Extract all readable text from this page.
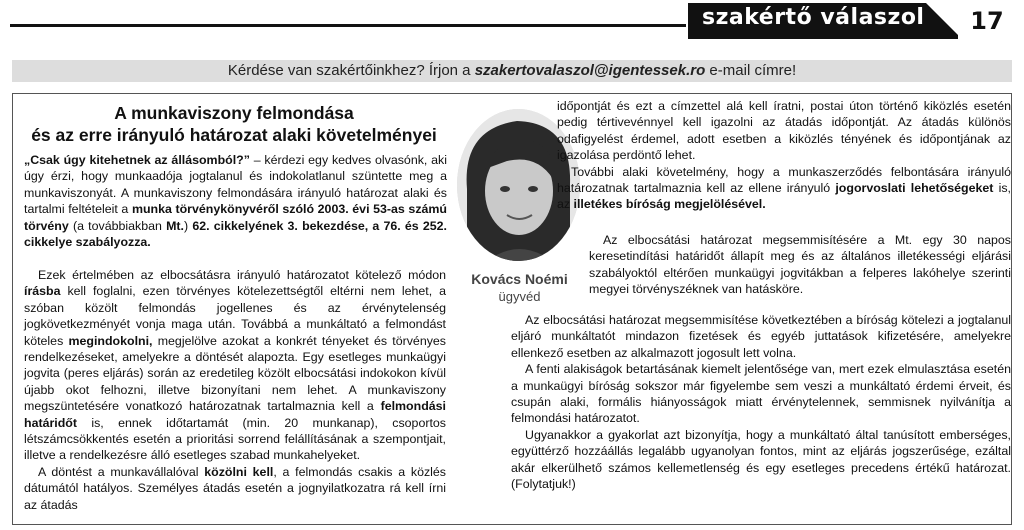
szakértő válaszol	17
Kérdése van szakértőinkhez? Írjon a szakertovalaszol@igentessek.ro e-mail címre!
A munkaviszony felmondása
és az erre irányuló határozat alaki követelményei
Kovács Noémi
ügyvéd

„Csak úgy kitehetnek az állásomból?” – kérdezi egy kedves olvasónk, aki úgy érzi, hogy munkaadója jogtalanul és indokolatlanul szüntette meg a munkaviszonyát. A munkaviszony felmondására irányuló határozat alaki és tartalmi feltételeit a munka törvénykönyvéről szóló 2003. évi 53-as számú törvény (a továbbiakban Mt.) 62. cikkelyének 3. bekezdése, a 76. és 252. cikkelye szabályozza.

Ezek értelmében az elbocsátásra irányuló határozatot kötelező módon írásba kell foglalni, ezen törvényes kötelezettségtől eltérni nem lehet, a szóban közölt felmondás jogellenes és az érvénytelenség jogkövetkezményét vonja maga után. Továbbá a munkáltató a felmondást köteles megindokolni, megjelölve azokat a konkrét tényeket és törvényes rendelkezéseket, amelyekre a döntését alapozta. Egy esetleges munkaügyi jogvita (peres eljárás) során az eredetileg közölt elbocsátási indokokon kívül újabb okot felhozni, illetve bizonyítani nem lehet. A munkaviszony megszüntetésére vonatkozó határozatnak tartalmaznia kell a felmondási határidőt is, ennek időtartamát (min. 20 munkanap), csoportos létszámcsökkentés esetén a prioritási sorrend felállításának a szempontjait, illetve a rendelkezésre álló esetleges szabad munkahelyeket.

A döntést a munkavállalóval közölni kell, a felmondás csakis a közlés dátumától hatályos. Személyes átadás esetén a jognyilatkozatra rá kell írni az átadás

időpontját és ezt a címzettel alá kell íratni, postai úton történő kiközlés esetén pedig tértivevénnyel kell igazolni az átadás időpontját. Az átadás különös odafigyelést érdemel, adott esetben a kiközlés tényének és időpontjának az igazolása perdöntő lehet.

További alaki követelmény, hogy a munkaszerződés felbontására irányuló határozatnak tartalmaznia kell az ellene irányuló jogorvoslati lehetőségeket is, az illetékes bíróság megjelölésével.

Az elbocsátási határozat megsemmisítésére a Mt. egy 30 napos keresetindítási határidőt állapít meg és az általános illetékességi eljárási szabályoktól eltérően munkaügyi jogvitákban a felperes lakóhelye szerinti megyei törvényszéknek van hatásköre.

Az elbocsátási határozat megsemmisítése következtében a bíróság kötelezi a jogtalanul eljáró munkáltatót mindazon fizetések és egyéb juttatások kifizetésére, amelyekre ellenkező esetben az alkalmazott jogosult lett volna.

A fenti alakiságok betartásának kiemelt jelentősége van, mert ezek elmulasztása esetén a munkaügyi bíróság sokszor már figyelembe sem veszi a munkáltató érdemi érveit, és csupán alaki, formális hiányosságok miatt érvénytelennek, semmisnek nyilvánítja a felmondási határozatot.

Ugyanakkor a gyakorlat azt bizonyítja, hogy a munkáltató által tanúsított emberséges, együttérző hozzáállás legalább ugyanolyan fontos, mint az eljárás jogszerűsége, ezáltal akár elkerülhető számos kellemetlenség és egy esetleges precedens értékű határozat. (Folytatjuk!)
